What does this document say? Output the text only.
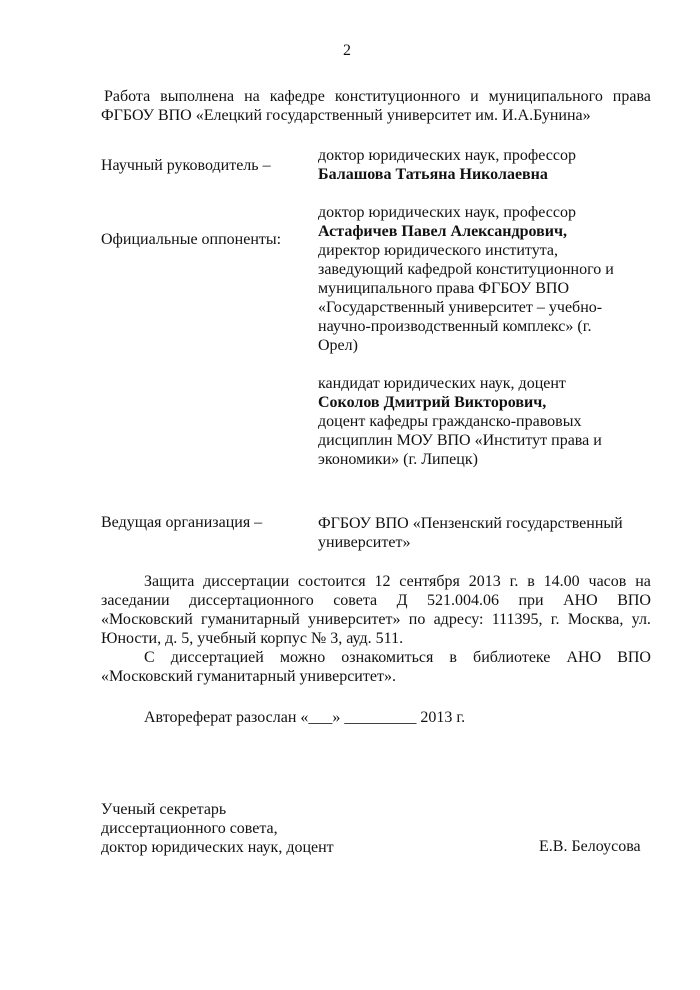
2
Работа выполнена на кафедре конституционного и муниципального права
ФГБОУ ВПО «Елецкий государственный университет им. И.А.Бунина»
Научный руководитель –
доктор юридических наук, профессор
Балашова Татьяна Николаевна
Официальные оппоненты:
доктор юридических наук, профессор
Астафичев Павел Александрович,
директор юридического института,
заведующий кафедрой конституционного и
муниципального права ФГБОУ ВПО
«Государственный университет – учебно-
научно-производственный комплекс» (г.
Орел)
кандидат юридических наук, доцент
Соколов Дмитрий Викторович,
доцент кафедры гражданско-правовых
дисциплин МОУ ВПО «Институт права и
экономики» (г. Липецк)
Ведущая организация –	ФГБОУ ВПО «Пензенский государственный
университет»
Защита диссертации состоится 12 сентября 2013 г. в 14.00 часов на
заседании диссертационного совета Д 521.004.06 при АНО ВПО
«Московский гуманитарный университет» по адресу: 111395, г. Москва, ул.
Юности, д. 5, учебный корпус № 3, ауд. 511.
С диссертацией можно ознакомиться в библиотеке АНО ВПО
«Московский гуманитарный университет».
Автореферат разослан «___» _________ 2013 г.
Ученый секретарь
диссертационного совета,
доктор юридических наук, доцент	Е.В. Белоусова
